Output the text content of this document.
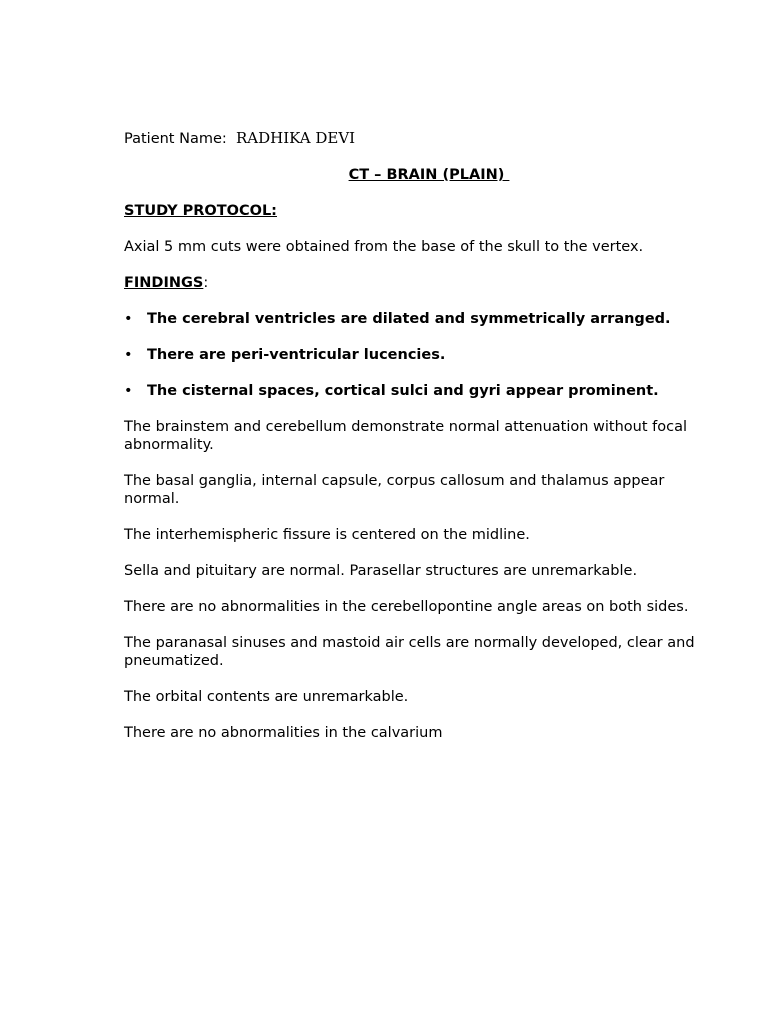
Patient Name: RADHIKA DEVI
CT – BRAIN (PLAIN)
STUDY PROTOCOL:
Axial 5 mm cuts were obtained from the base of the skull to the vertex.
FINDINGS:
• The cerebral ventricles are dilated and symmetrically arranged.
• There are peri-ventricular lucencies.
• The cisternal spaces, cortical sulci and gyri appear prominent.
The brainstem and cerebellum demonstrate normal attenuation without focal abnormality.
The basal ganglia, internal capsule, corpus callosum and thalamus appear normal.
The interhemispheric fissure is centered on the midline.
Sella and pituitary are normal. Parasellar structures are unremarkable.
There are no abnormalities in the cerebellopontine angle areas on both sides.
The paranasal sinuses and mastoid air cells are normally developed, clear and pneumatized.
The orbital contents are unremarkable.
There are no abnormalities in the calvarium
